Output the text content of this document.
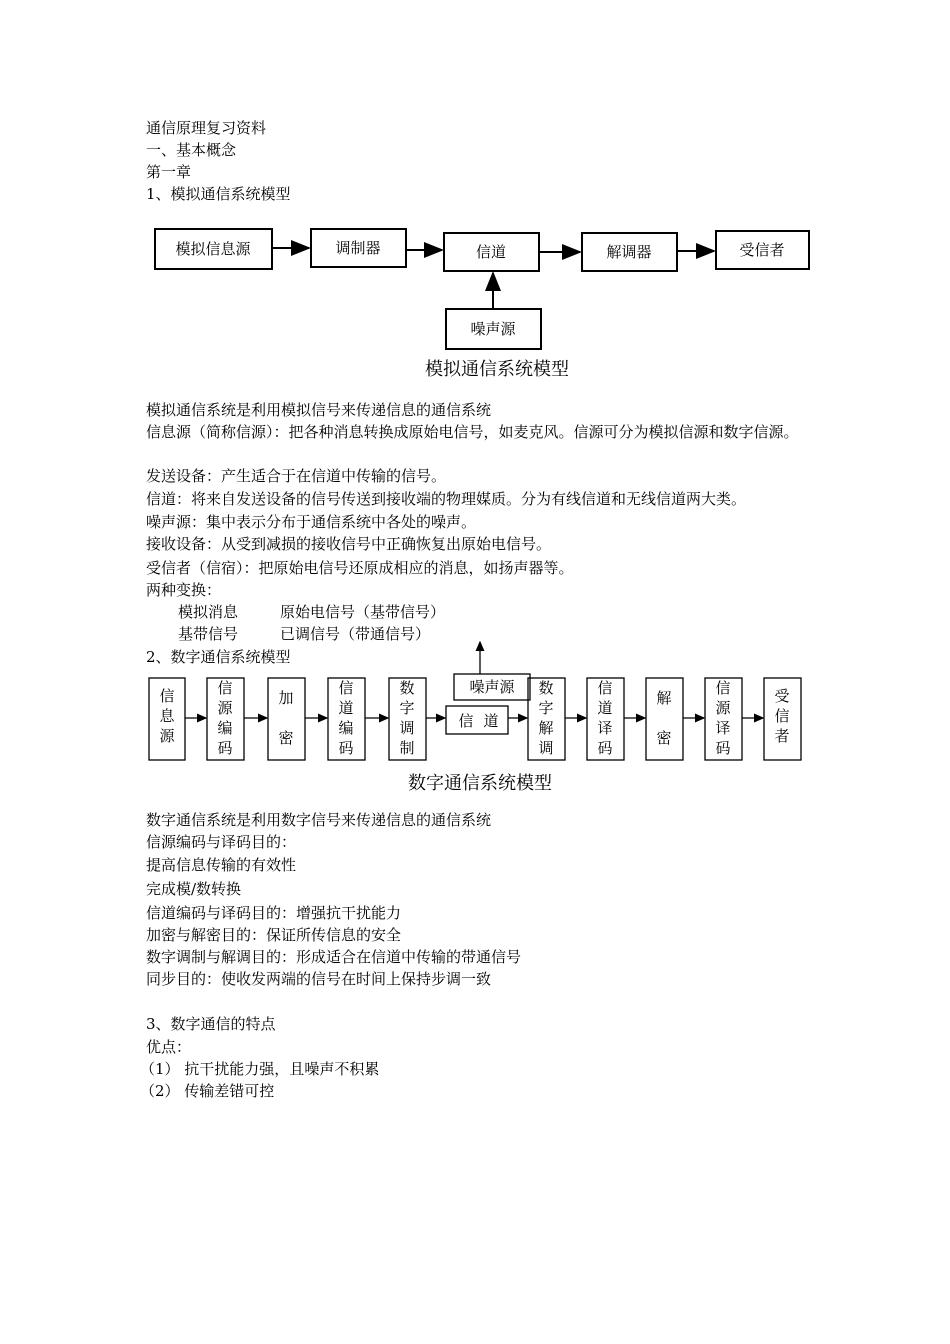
通信原理复习资料

一、基本概念

第一章

1、模拟通信系统模型

模拟信息源	调制器	信道	解调器	受信者
噪声源
模拟通信系统模型

模拟通信系统是利用模拟信号来传递信息的通信系统

信息源（简称信源）：把各种消息转换成原始电信号，如麦克风。信源可分为模拟信源和数字信源。

发送设备：产生适合于在信道中传输的信号。

信道：将来自发送设备的信号传送到接收端的物理媒质。分为有线信道和无线信道两大类。

噪声源：集中表示分布于通信系统中各处的噪声。

接收设备：从受到减损的接收信号中正确恢复出原始电信号。

受信者（信宿）：把原始电信号还原成相应的消息，如扬声器等。

两种变换：

模拟消息	原始电信号（基带信号）

基带信号	已调信号（带通信号）

2、数字通信系统模型

信
息
源
信
源
编
码
加
密
信
道
编
码
数
字
调
制
信 道
噪声源 数
字
解
调
信
道
译
码
解
密
信
源
译
码
受
信
者
数字通信系统模型

数字通信系统是利用数字信号来传递信息的通信系统

信源编码与译码目的：

提高信息传输的有效性

完成模/数转换

信道编码与译码目的：增强抗干扰能力

加密与解密目的：保证所传信息的安全

数字调制与解调目的：形成适合在信道中传输的带通信号

同步目的：使收发两端的信号在时间上保持步调一致

3、数字通信的特点

优点：

（1） 抗干扰能力强，且噪声不积累

（2） 传输差错可控
